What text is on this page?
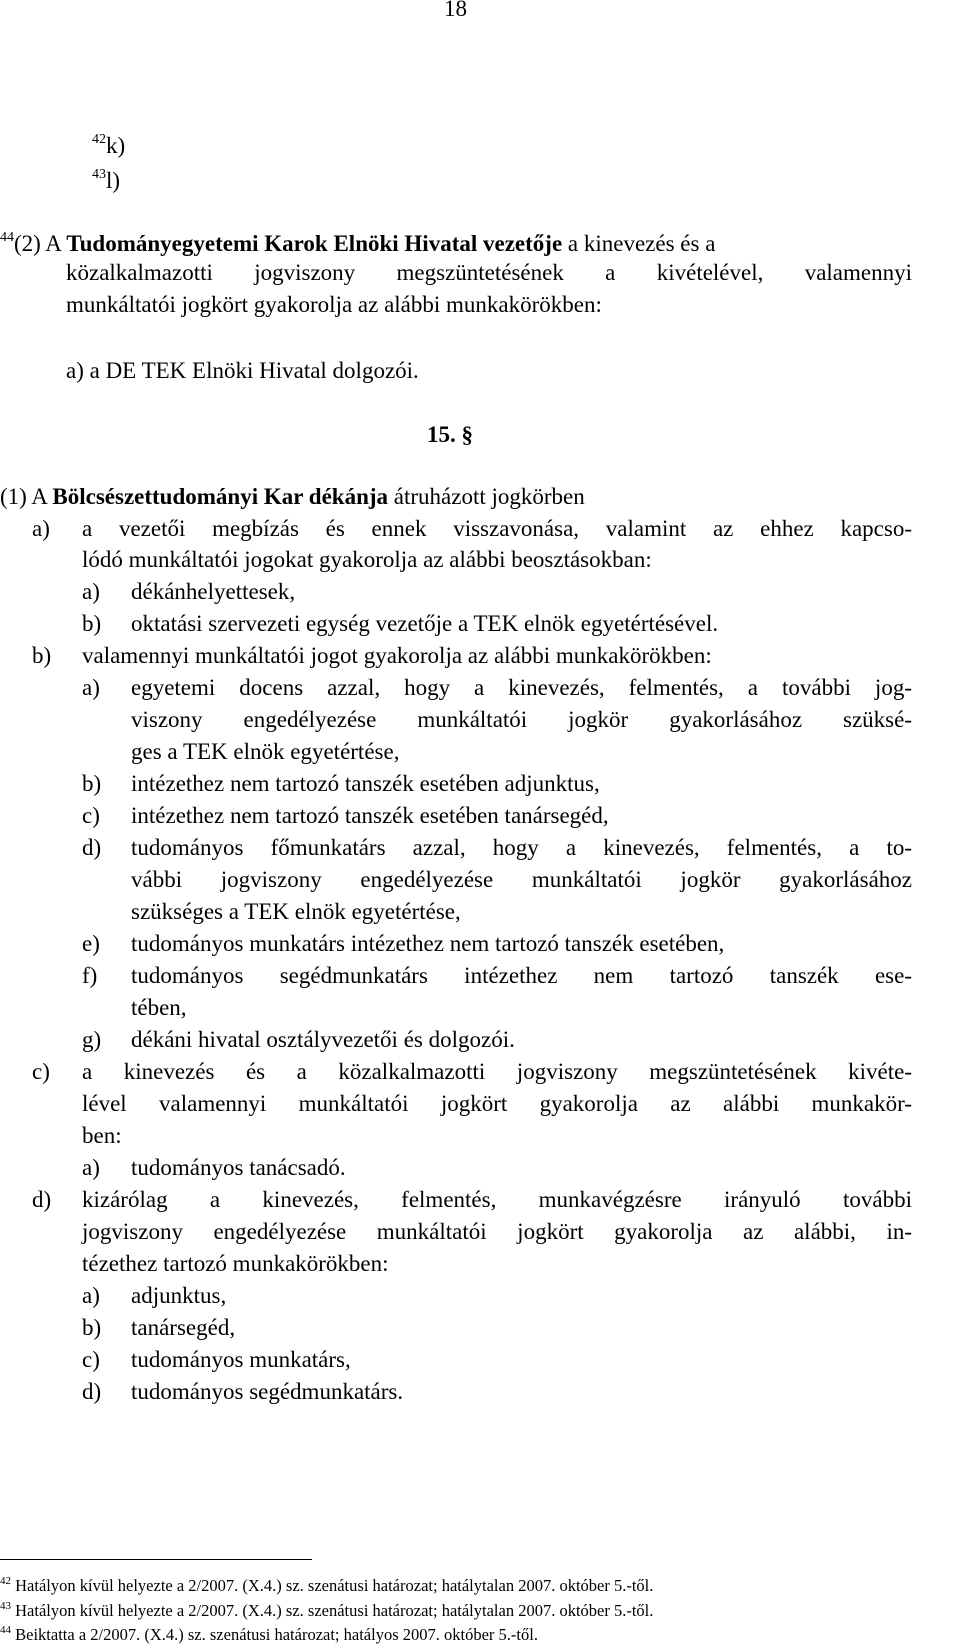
18
$^{42}$k)
$^{43}$l)
$^{44}$(2) A Tudományegyetemi Karok Elnöki Hivatal vezetője a kinevezés és a
közalkalmazotti jogviszony megszüntetésének a kivételével, valamennyi
munkáltatói jogkört gyakorolja az alábbi munkakörökben:
a) a DE TEK Elnöki Hivatal dolgozói.
15. §
(1) A Bölcsészettudományi Kar dékánja átruházott jogkörben
a) a vezetői megbízás és ennek visszavonása, valamint az ehhez kapcso-
lódó munkáltatói jogokat gyakorolja az alábbi beosztásokban:
a) dékánhelyettesek,
b) oktatási szervezeti egység vezetője a TEK elnök egyetértésével.
b) valamennyi munkáltatói jogot gyakorolja az alábbi munkakörökben:
a) egyetemi docens azzal, hogy a kinevezés, felmentés, a további jog-
viszony engedélyezése munkáltatói jogkör gyakorlásához szüksé-
ges a TEK elnök egyetértése,
b) intézethez nem tartozó tanszék esetében adjunktus,
c) intézethez nem tartozó tanszék esetében tanársegéd,
d) tudományos főmunkatárs azzal, hogy a kinevezés, felmentés, a to-
vábbi jogviszony engedélyezése munkáltatói jogkör gyakorlásához
szükséges a TEK elnök egyetértése,
e) tudományos munkatárs intézethez nem tartozó tanszék esetében,
f) tudományos segédmunkatárs intézethez nem tartozó tanszék ese-
tében,
g) dékáni hivatal osztályvezetői és dolgozói.
c) a kinevezés és a közalkalmazotti jogviszony megszüntetésének kivéte-
lével valamennyi munkáltatói jogkört gyakorolja az alábbi munkakör-
ben:
a) tudományos tanácsadó.
d) kizárólag a kinevezés, felmentés, munkavégzésre irányuló további
jogviszony engedélyezése munkáltatói jogkört gyakorolja az alábbi, in-
tézethez tartozó munkakörökben:
a) adjunktus,
b) tanársegéd,
c) tudományos munkatárs,
d) tudományos segédmunkatárs.
$^{42}$ Hatályon kívül helyezte a 2/2007. (X.4.) sz. szenátusi határozat; hatálytalan 2007. október 5.-től.
$^{43}$ Hatályon kívül helyezte a 2/2007. (X.4.) sz. szenátusi határozat; hatálytalan 2007. október 5.-től.
$^{44}$ Beiktatta a 2/2007. (X.4.) sz. szenátusi határozat; hatályos 2007. október 5.-től.
